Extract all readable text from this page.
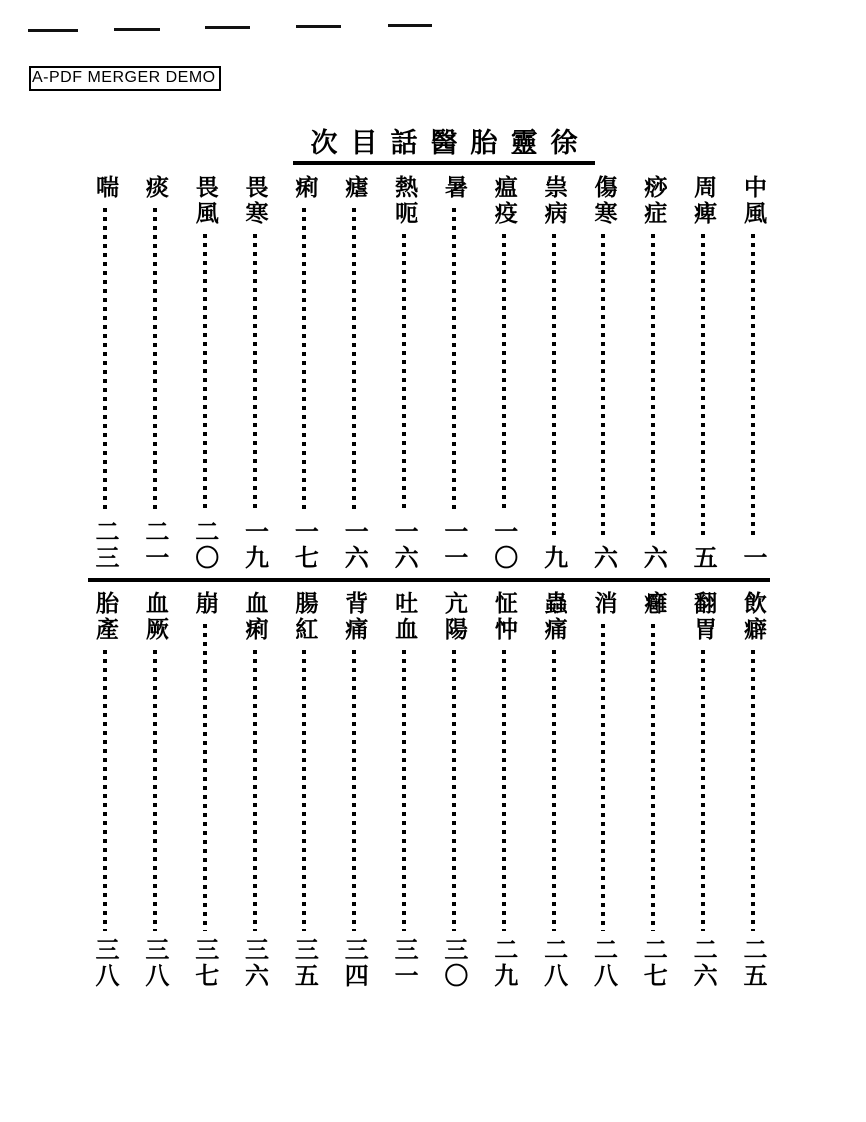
A-PDF MERGER DEMO
次目話醫胎靈徐
中風
一
周痺
五
痧症
六
傷寒
六
祟病
九
瘟疫
一〇
暑
一一
熱呃
一六
瘧
一六
痢
一七
畏寒
一九
畏風
二〇
痰
二一
喘
二三
飲癖
二五
翻胃
二六
癰
二七
消
二八
蟲痛
二八
怔忡
二九
亢陽
三〇
吐血
三一
背痛
三四
腸紅
三五
血痢
三六
崩
三七
血厥
三八
胎產
三八
